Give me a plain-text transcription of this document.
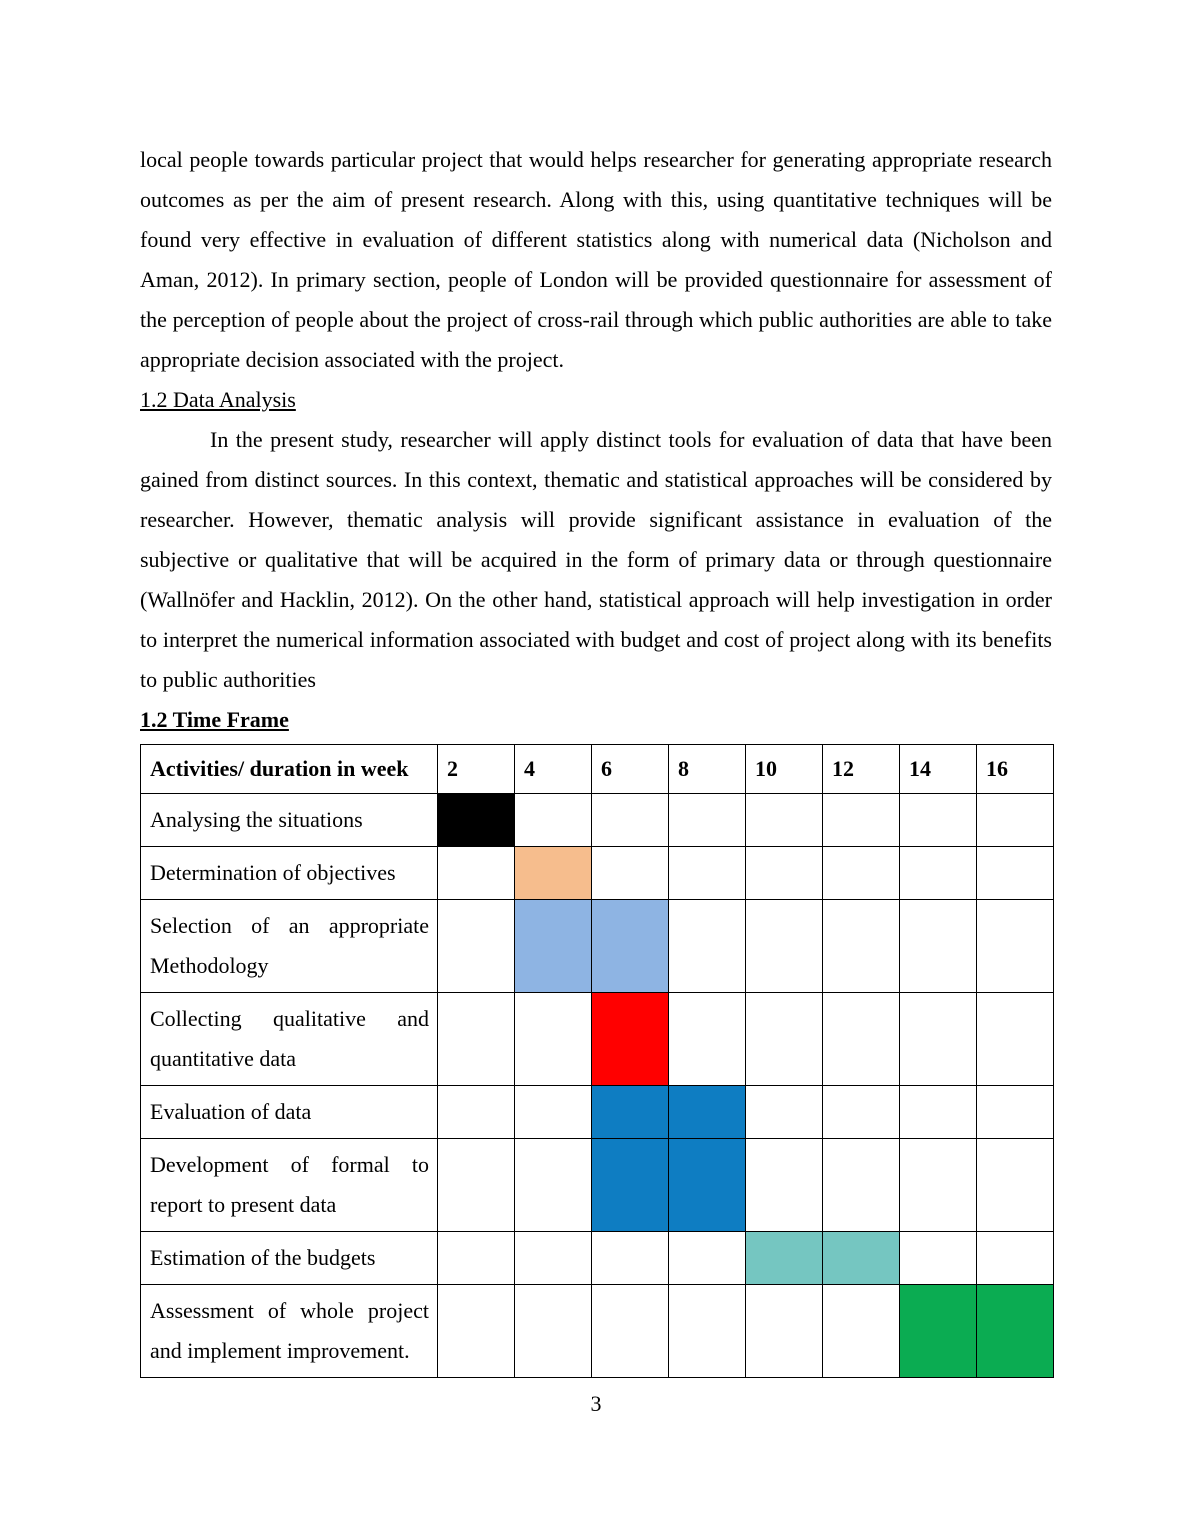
local people towards particular project that would helps researcher for generating appropriate research outcomes as per the aim of present research. Along with this, using quantitative techniques will be found very effective in evaluation of different statistics along with numerical data (Nicholson and Aman, 2012). In primary section, people of London will be provided questionnaire for assessment of the perception of people about the project of cross-rail through which public authorities are able to take appropriate decision associated with the project.

1.2 Data Analysis

In the present study, researcher will apply distinct tools for evaluation of data that have been gained from distinct sources. In this context, thematic and statistical approaches will be considered by researcher. However, thematic analysis will provide significant assistance in evaluation of the subjective or qualitative that will be acquired in the form of primary data or through questionnaire (Wallnöfer and Hacklin, 2012). On the other hand, statistical approach will help investigation in order to interpret the numerical information associated with budget and cost of project along with its benefits to public authorities

1.2 Time Frame

Activities/ duration in week	2	4	6	8	10	12	14	16
Analysing the situations								
Determination of objectives								
Selection of an appropriate Methodology								
Collecting qualitative and quantitative data								
Evaluation of data								
Development of formal to report to present data								
Estimation of the budgets								
Assessment of whole project and implement improvement.								
3
